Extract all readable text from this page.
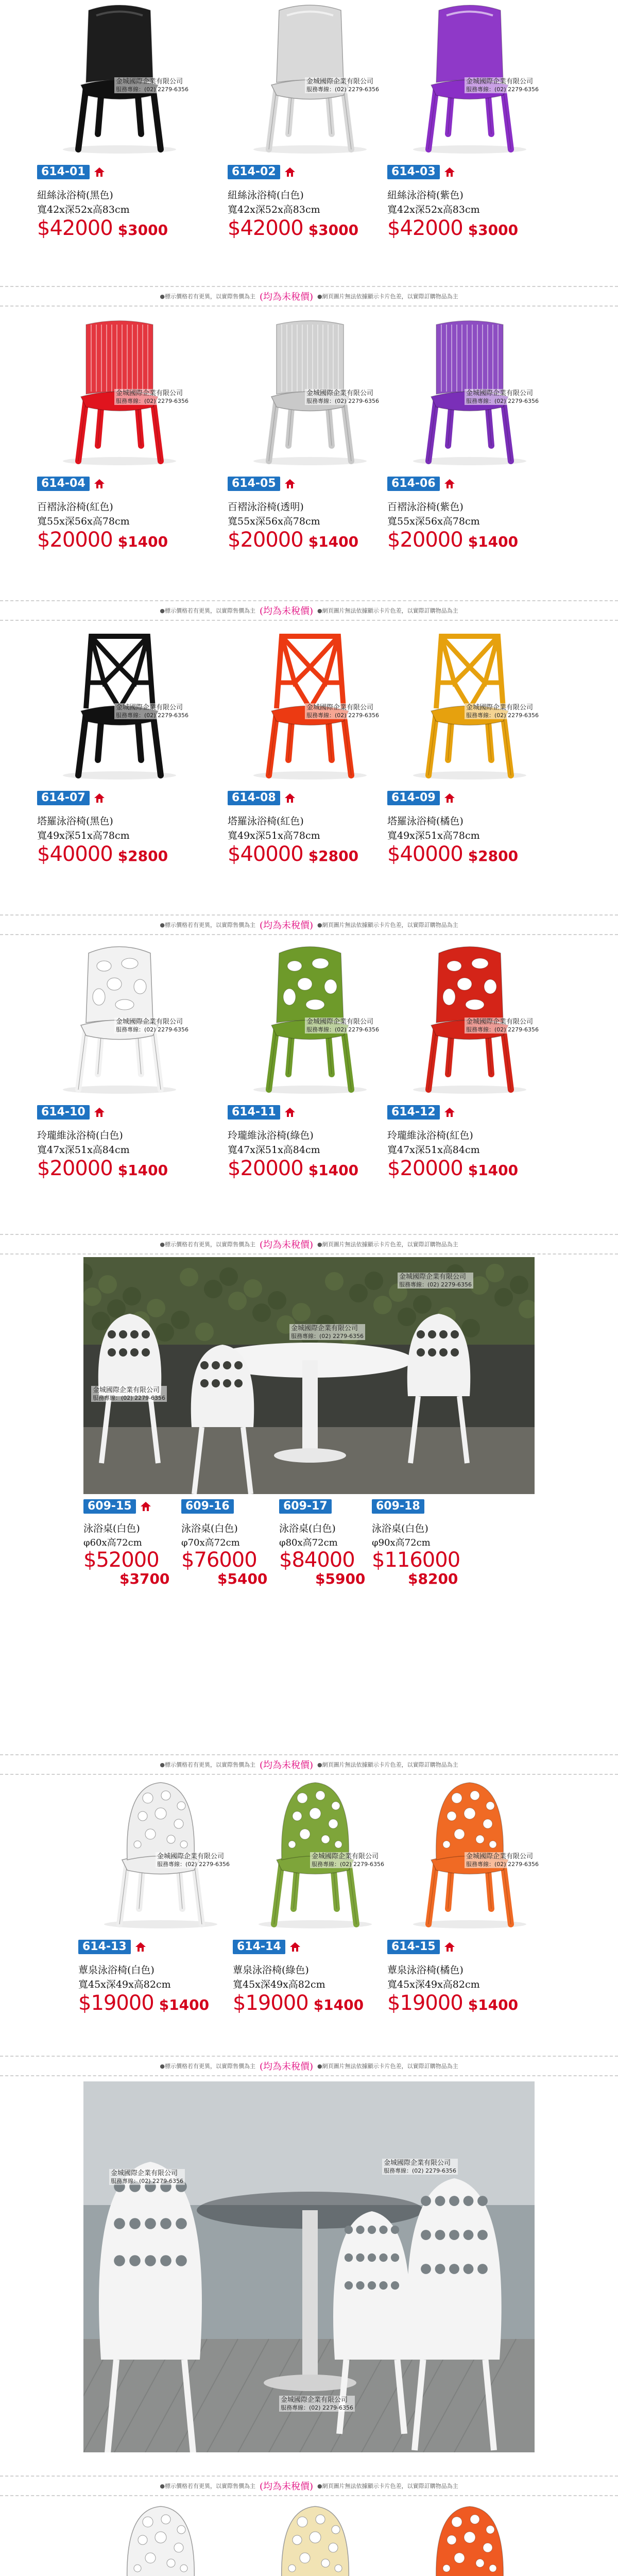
金城國際企業有限公司
服務專線：(02) 2279-6356
614-01
紐絲泳浴椅(黑色)
寬42x深52x高83cm
$42000 $3000
金城國際企業有限公司
服務專線：(02) 2279-6356
614-02
紐絲泳浴椅(白色)
寬42x深52x高83cm
$42000 $3000
金城國際企業有限公司
服務專線：(02) 2279-6356
614-03
紐絲泳浴椅(紫色)
寬42x深52x高83cm
$42000 $3000
金城國際企業有限公司
服務專線：(02) 2279-6356
614-04
百褶泳浴椅(紅色)
寬55x深56x高78cm
$20000 $1400
金城國際企業有限公司
服務專線：(02) 2279-6356
614-05
百褶泳浴椅(透明)
寬55x深56x高78cm
$20000 $1400
金城國際企業有限公司
服務專線：(02) 2279-6356
614-06
百褶泳浴椅(紫色)
寬55x深56x高78cm
$20000 $1400
金城國際企業有限公司
服務專線：(02) 2279-6356
614-07
塔羅泳浴椅(黑色)
寬49x深51x高78cm
$40000 $2800
金城國際企業有限公司
服務專線：(02) 2279-6356
614-08
塔羅泳浴椅(紅色)
寬49x深51x高78cm
$40000 $2800
金城國際企業有限公司
服務專線：(02) 2279-6356
614-09
塔羅泳浴椅(橘色)
寬49x深51x高78cm
$40000 $2800
金城國際企業有限公司
服務專線：(02) 2279-6356
614-10
玲瓏維泳浴椅(白色)
寬47x深51x高84cm
$20000 $1400
金城國際企業有限公司
服務專線：(02) 2279-6356
614-11
玲瓏維泳浴椅(綠色)
寬47x深51x高84cm
$20000 $1400
金城國際企業有限公司
服務專線：(02) 2279-6356
614-12
玲瓏維泳浴椅(紅色)
寬47x深51x高84cm
$20000 $1400
●標示價格若有更異，以實際售價為主 (均為未稅價) ●網頁圖片無法依據顯示卡片色差，以實際訂購物品為主
●標示價格若有更異，以實際售價為主 (均為未稅價) ●網頁圖片無法依據顯示卡片色差，以實際訂購物品為主
●標示價格若有更異，以實際售價為主 (均為未稅價) ●網頁圖片無法依據顯示卡片色差，以實際訂購物品為主
●標示價格若有更異，以實際售價為主 (均為未稅價) ●網頁圖片無法依據顯示卡片色差，以實際訂購物品為主
●標示價格若有更異，以實際售價為主 (均為未稅價) ●網頁圖片無法依據顯示卡片色差，以實際訂購物品為主
●標示價格若有更異，以實際售價為主 (均為未稅價) ●網頁圖片無法依據顯示卡片色差，以實際訂購物品為主
●標示價格若有更異，以實際售價為主 (均為未稅價) ●網頁圖片無法依據顯示卡片色差，以實際訂購物品為主
金城國際企業有限公司
服務專線：(02) 2279-6356
金城國際企業有限公司
服務專線：(02) 2279-6356
金城國際企業有限公司
服務專線：(02) 2279-6356
609-15
泳浴桌(白色)
φ60x高72cm
$52000
$3700
609-16
泳浴桌(白色)
φ70x高72cm
$76000
$5400
609-17
泳浴桌(白色)
φ80x高72cm
$84000
$5900
609-18
泳浴桌(白色)
φ90x高72cm
$116000
$8200
金城國際企業有限公司
服務專線：(02) 2279-6356
614-13
蕈泉泳浴椅(白色)
寬45x深49x高82cm
$19000 $1400
金城國際企業有限公司
服務專線：(02) 2279-6356
614-14
蕈泉泳浴椅(綠色)
寬45x深49x高82cm
$19000 $1400
金城國際企業有限公司
服務專線：(02) 2279-6356
614-15
蕈泉泳浴椅(橘色)
寬45x深49x高82cm
$19000 $1400
金城國際企業有限公司
服務專線：(02) 2279-6356
金城國際企業有限公司
服務專線：(02) 2279-6356
金城國際企業有限公司
服務專線：(02) 2279-6356
